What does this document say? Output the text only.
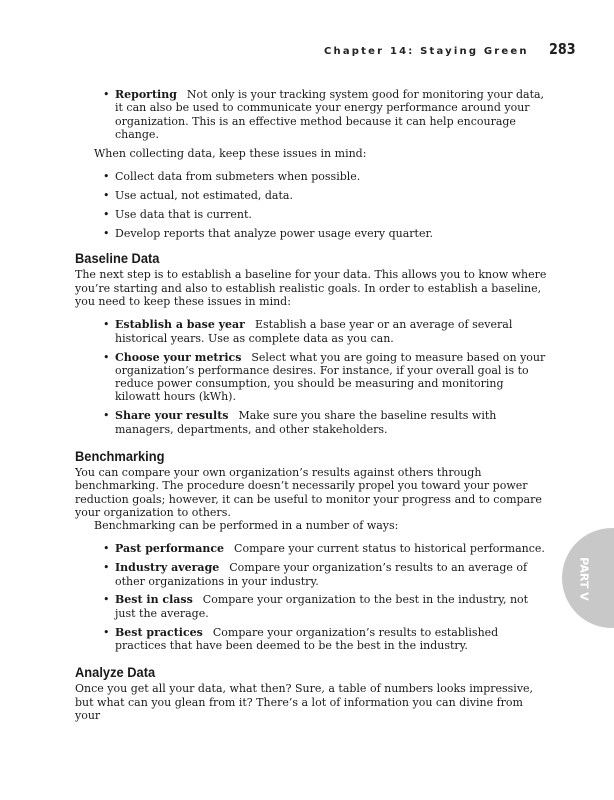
Chapter 14: Staying Green 283
• Reporting Not only is your tracking system good for monitoring your data, it can also be used to communicate your energy performance around your organization. This is an effective method because it can help encourage change.

When collecting data, keep these issues in mind:

• Collect data from submeters when possible.
• Use actual, not estimated, data.
• Use data that is current.
• Develop reports that analyze power usage every quarter.
Baseline Data

The next step is to establish a baseline for your data. This allows you to know where you’re starting and also to establish realistic goals. In order to establish a baseline, you need to keep these issues in mind:

• Establish a base year Establish a base year or an average of several historical years. Use as complete data as you can.
• Choose your metrics Select what you are going to measure based on your organization’s performance desires. For instance, if your overall goal is to reduce power consumption, you should be measuring and monitoring kilowatt hours (kWh).
• Share your results Make sure you share the baseline results with managers, departments, and other stakeholders.
Benchmarking

You can compare your own organization’s results against others through benchmarking. The procedure doesn’t necessarily propel you toward your power reduction goals; however, it can be useful to monitor your progress and to compare your organization to others.

Benchmarking can be performed in a number of ways:

• Past performance Compare your current status to historical performance.
• Industry average Compare your organization’s results to an average of other organizations in your industry.
• Best in class Compare your organization to the best in the industry, not just the average.
• Best practices Compare your organization’s results to established practices that have been deemed to be the best in the industry.
Analyze Data

Once you get all your data, what then? Sure, a table of numbers looks impressive, but what can you glean from it? There’s a lot of information you can divine from your

PART V
